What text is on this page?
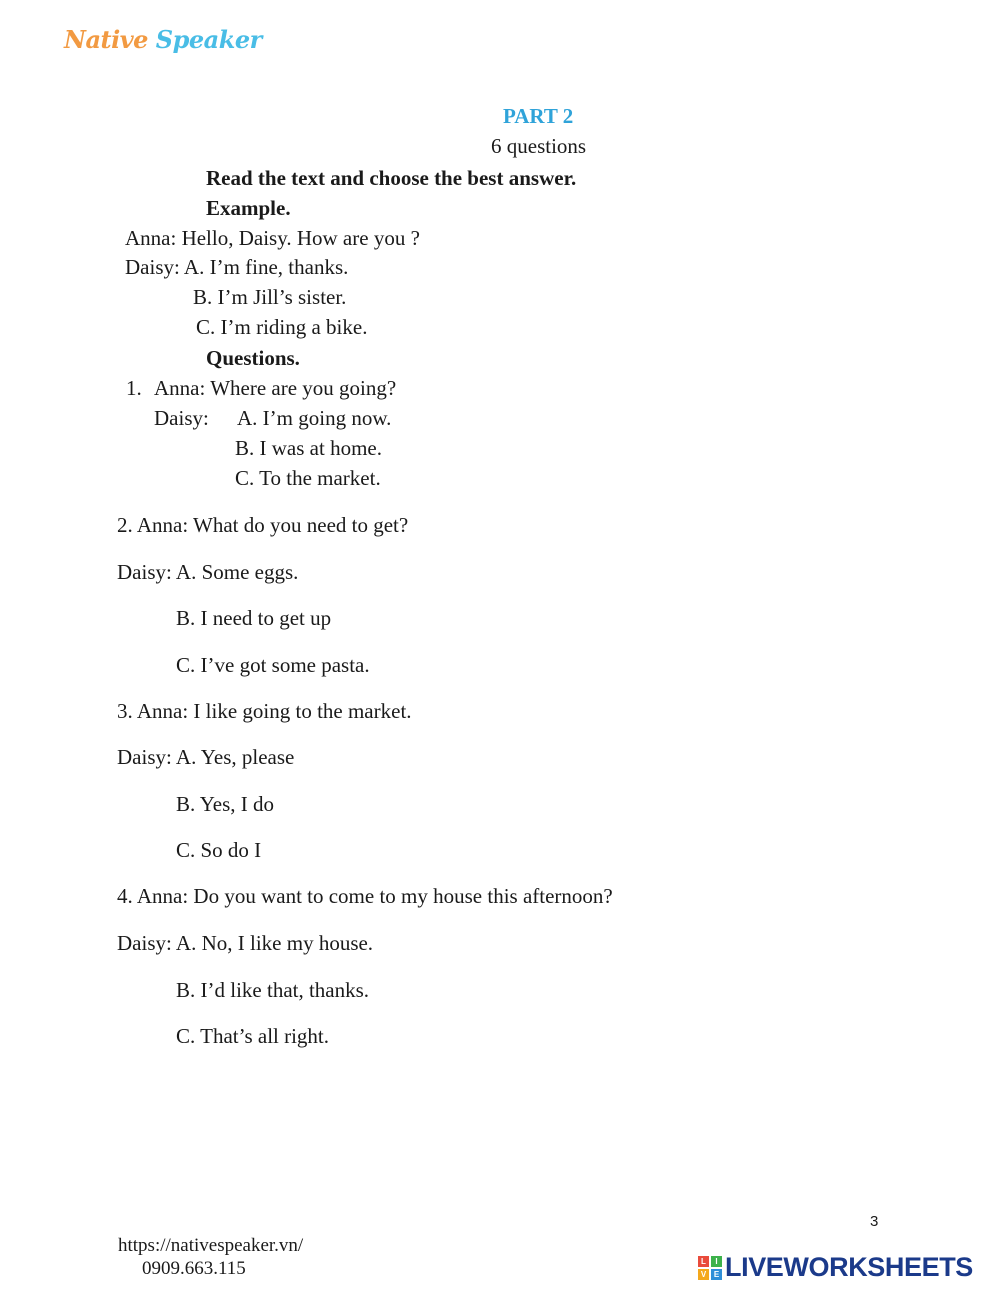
Native Speaker
PART 2
6 questions
Read the text and choose the best answer.
Example.
Anna: Hello, Daisy. How are you ?
Daisy: A. I’m fine, thanks.
B. I’m Jill’s sister.
C. I’m riding a bike.
Questions.
1. Anna: Where are you going?
Daisy: A. I’m going now.
B. I was at home.
C. To the market.
2. Anna: What do you need to get?
Daisy: A. Some eggs.
B. I need to get up
C. I’ve got some pasta.
3. Anna: I like going to the market.
Daisy: A. Yes, please
B. Yes, I do
C. So do I
4. Anna: Do you want to come to my house this afternoon?
Daisy: A. No, I like my house.
B. I’d like that, thanks.
C. That’s all right.
3
https://nativespeaker.vn/
0909.663.115	L	I
V E LIVEWORKSHEETS
